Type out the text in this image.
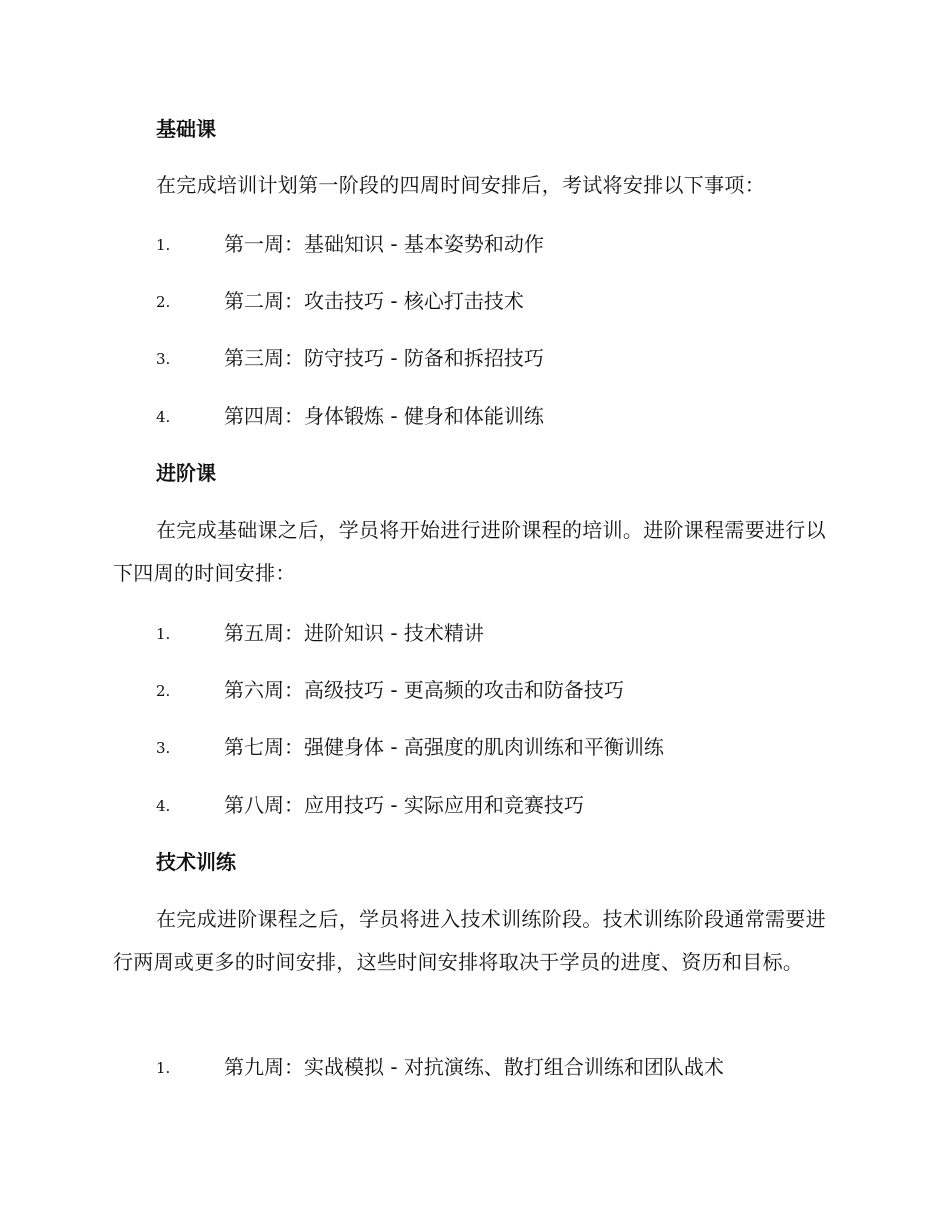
基础课
在完成培训计划第一阶段的四周时间安排后，考试将安排以下事项：
1.	第一周：基础知识 - 基本姿势和动作
2.	第二周：攻击技巧 - 核心打击技术
3.	第三周：防守技巧 - 防备和拆招技巧
4.	第四周：身体锻炼 - 健身和体能训练
进阶课
在完成基础课之后，学员将开始进行进阶课程的培训。进阶课程需要进行以下四周的时间安排：
1.	第五周：进阶知识 - 技术精讲
2.	第六周：高级技巧 - 更高频的攻击和防备技巧
3.	第七周：强健身体 - 高强度的肌肉训练和平衡训练
4.	第八周：应用技巧 - 实际应用和竞赛技巧
技术训练
在完成进阶课程之后，学员将进入技术训练阶段。技术训练阶段通常需要进行两周或更多的时间安排，这些时间安排将取决于学员的进度、资历和目标。
1.	第九周：实战模拟 - 对抗演练、散打组合训练和团队战术
